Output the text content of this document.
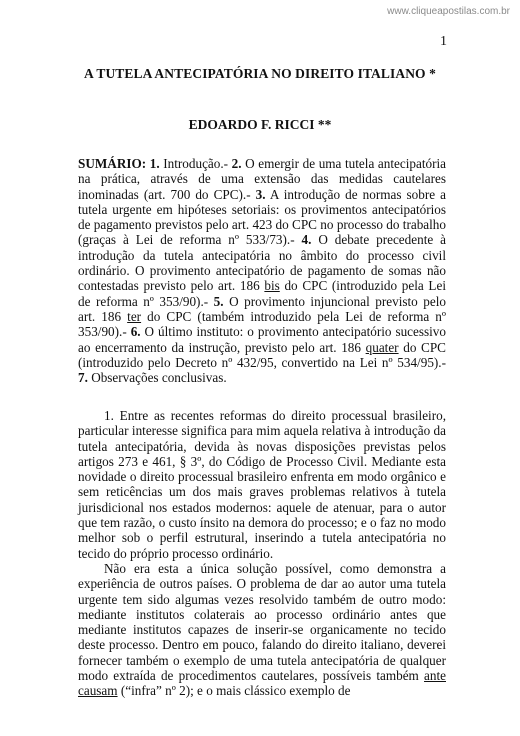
www.cliqueapostilas.com.br
1
A TUTELA ANTECIPATÓRIA NO DIREITO ITALIANO *
EDOARDO F. RICCI **
SUMÁRIO: 1. Introdução.- 2. O emergir de uma tutela antecipatória na prática, através de uma extensão das medidas cautelares inominadas (art. 700 do CPC).- 3. A introdução de normas sobre a tutela urgente em hipóteses setoriais: os provimentos antecipatórios de pagamento previstos pelo art. 423 do CPC no processo do trabalho (graças à Lei de reforma nº 533/73).- 4. O debate precedente à introdução da tutela antecipatória no âmbito do processo civil ordinário. O provimento antecipatório de pagamento de somas não contestadas previsto pelo art. 186 bis do CPC (introduzido pela Lei de reforma nº 353/90).- 5. O provimento injuncional previsto pelo art. 186 ter do CPC (também introduzido pela Lei de reforma nº 353/90).- 6. O último instituto: o provimento antecipatório sucessivo ao encerramento da instrução, previsto pelo art. 186 quater do CPC (introduzido pelo Decreto nº 432/95, convertido na Lei nº 534/95).- 7. Observações conclusivas.

1. Entre as recentes reformas do direito processual brasileiro, particular interesse significa para mim aquela relativa à introdução da tutela antecipatória, devida às novas disposições previstas pelos artigos 273 e 461, § 3º, do Código de Processo Civil. Mediante esta novidade o direito processual brasileiro enfrenta em modo orgânico e sem reticências um dos mais graves problemas relativos à tutela jurisdicional nos estados modernos: aquele de atenuar, para o autor que tem razão, o custo ínsito na demora do processo; e o faz no modo melhor sob o perfil estrutural, inserindo a tutela antecipatória no tecido do próprio processo ordinário.

Não era esta a única solução possível, como demonstra a experiência de outros países. O problema de dar ao autor uma tutela urgente tem sido algumas vezes resolvido também de outro modo: mediante institutos colaterais ao processo ordinário antes que mediante institutos capazes de inserir-se organicamente no tecido deste processo. Dentro em pouco, falando do direito italiano, deverei fornecer também o exemplo de uma tutela antecipatória de qualquer modo extraída de procedimentos cautelares, possíveis também ante causam (“infra” nº 2); e o mais clássico exemplo de
